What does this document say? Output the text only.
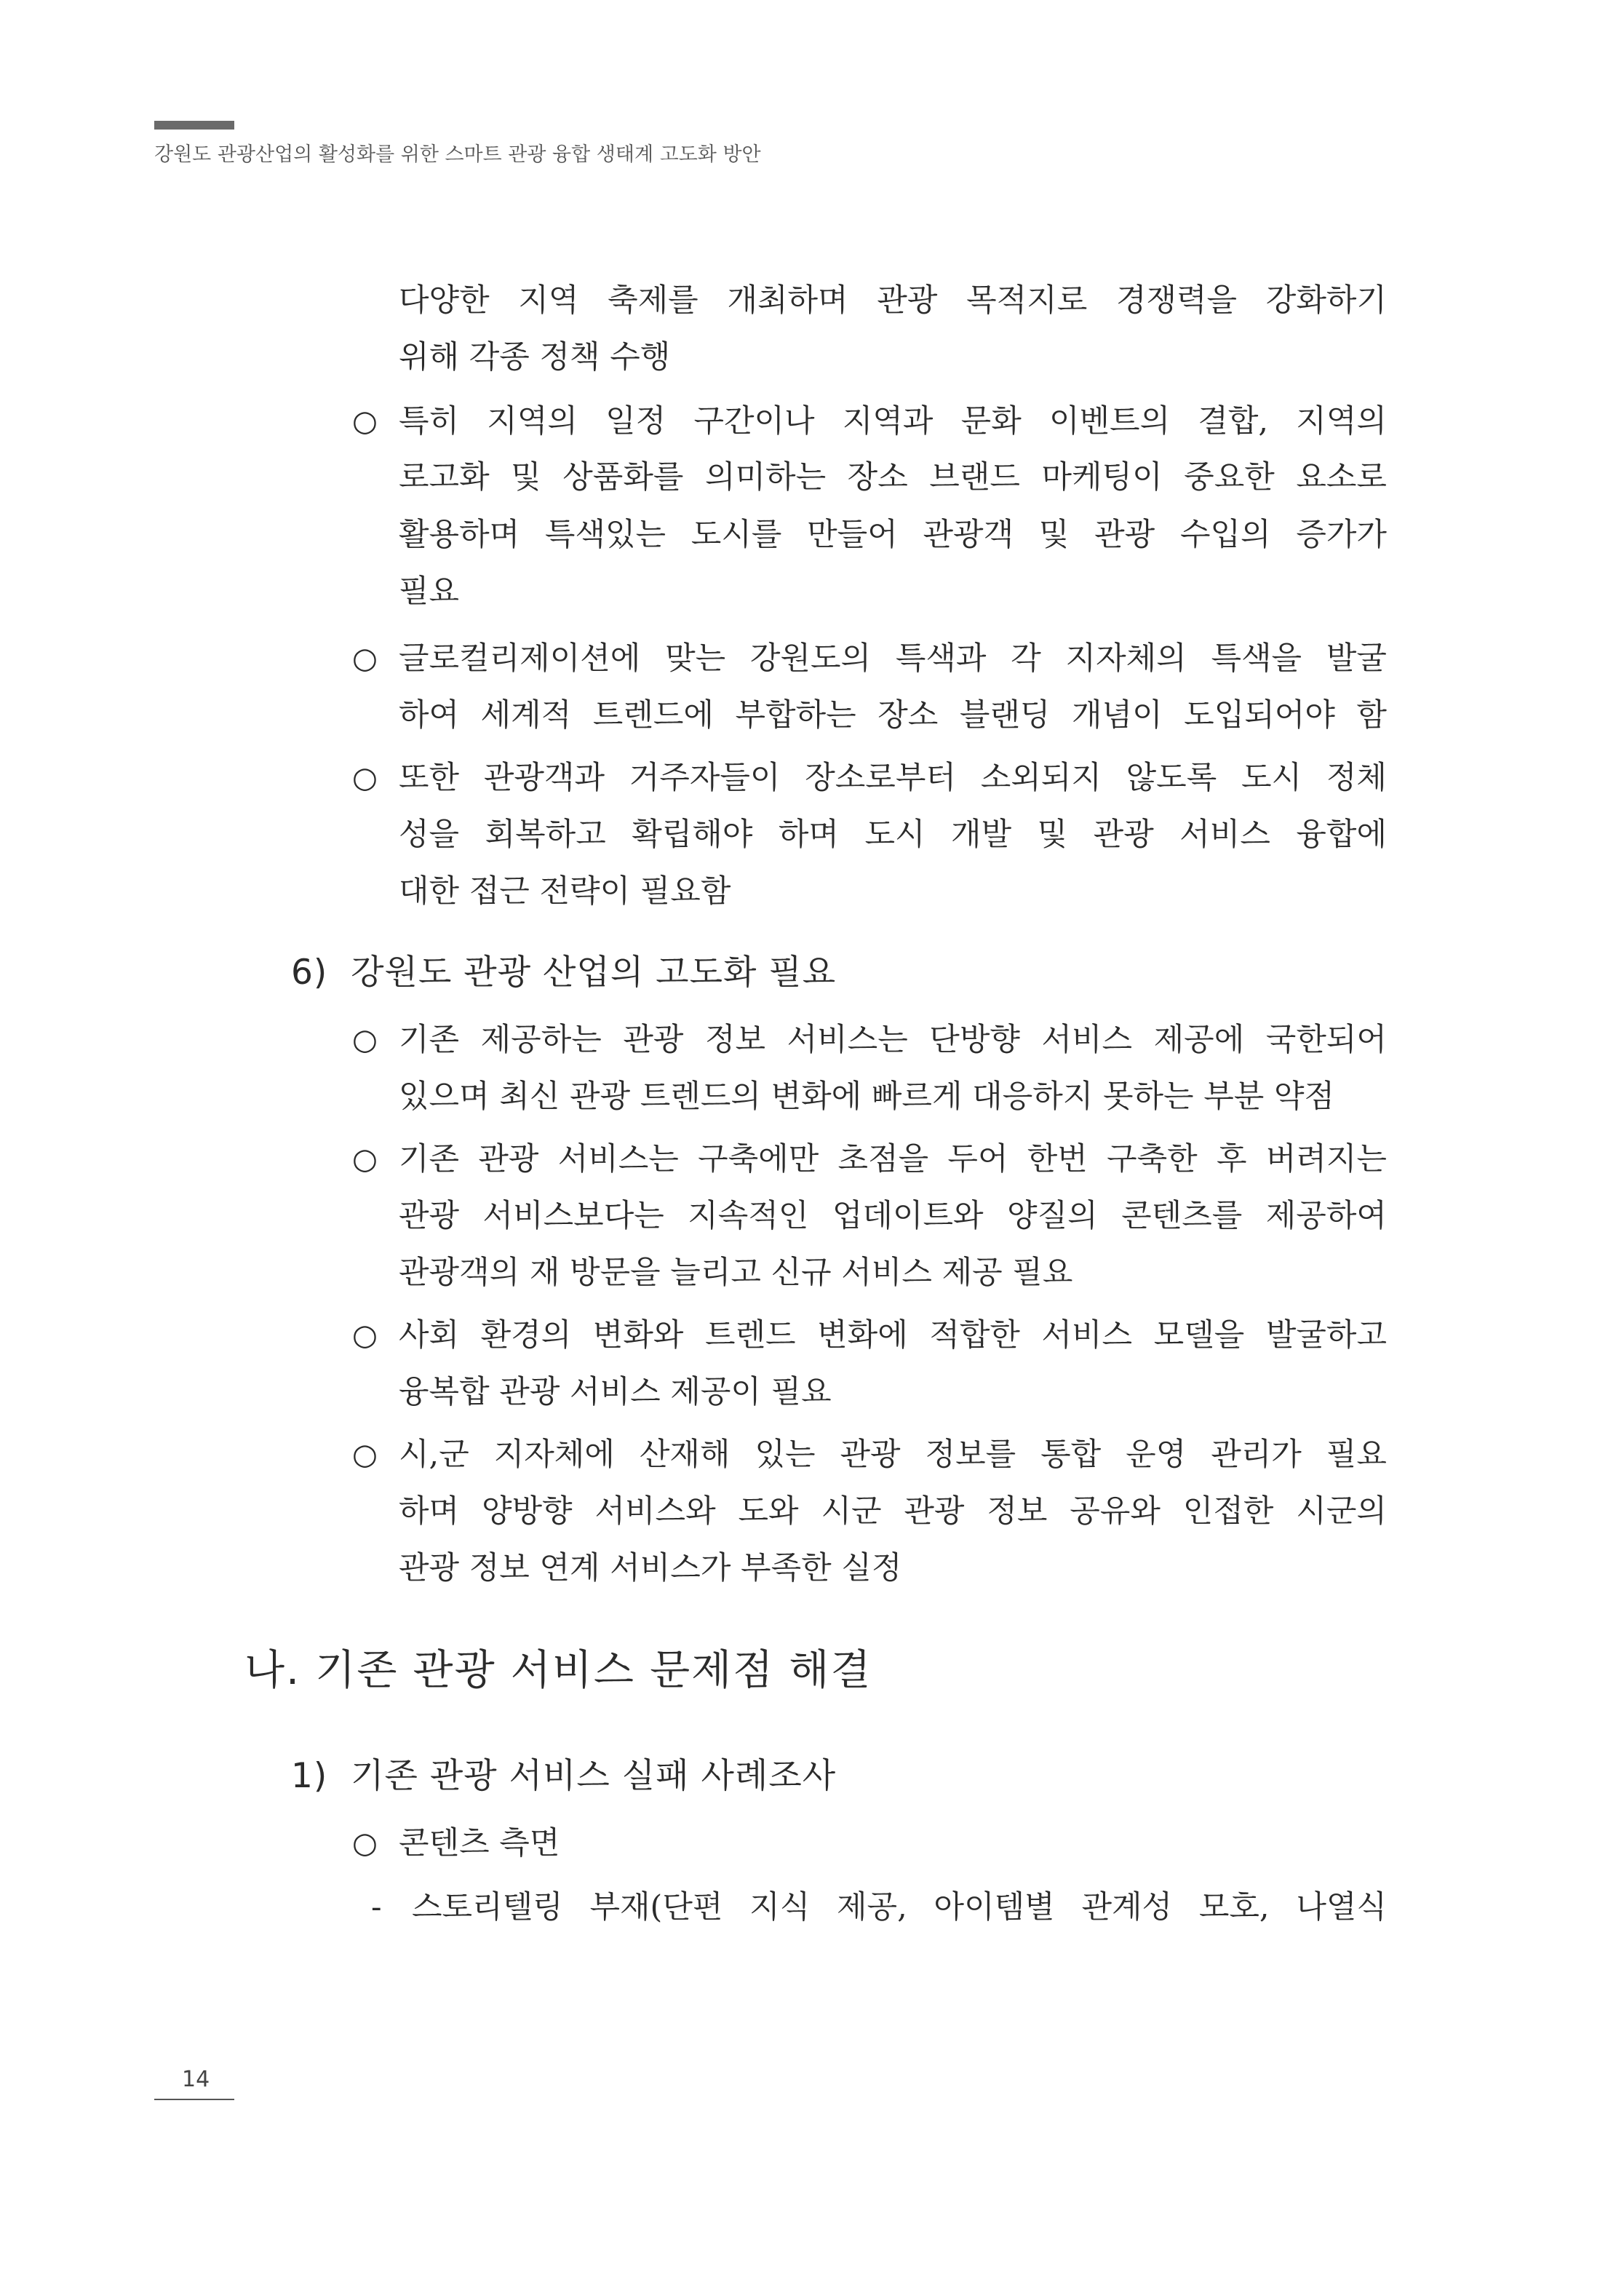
강원도 관광산업의 활성화를 위한 스마트 관광 융합 생태계 고도화 방안
다양한 지역 축제를 개최하며 관광 목적지로 경쟁력을 강화하기
위해 각종 정책 수행
○ 특히 지역의 일정 구간이나 지역과 문화 이벤트의 결합, 지역의
로고화 및 상품화를 의미하는 장소 브랜드 마케팅이 중요한 요소로
활용하며 특색있는 도시를 만들어 관광객 및 관광 수입의 증가가
필요
○ 글로컬리제이션에 맞는 강원도의 특색과 각 지자체의 특색을 발굴
하여 세계적 트렌드에 부합하는 장소 블랜딩 개념이 도입되어야 함
○ 또한 관광객과 거주자들이 장소로부터 소외되지 않도록 도시 정체
성을 회복하고 확립해야 하며 도시 개발 및 관광 서비스 융합에
대한 접근 전략이 필요함
6) 강원도 관광 산업의 고도화 필요
○ 기존 제공하는 관광 정보 서비스는 단방향 서비스 제공에 국한되어
있으며 최신 관광 트렌드의 변화에 빠르게 대응하지 못하는 부분 약점
○ 기존 관광 서비스는 구축에만 초점을 두어 한번 구축한 후 버려지는
관광 서비스보다는 지속적인 업데이트와 양질의 콘텐츠를 제공하여
관광객의 재 방문을 늘리고 신규 서비스 제공 필요
○ 사회 환경의 변화와 트렌드 변화에 적합한 서비스 모델을 발굴하고
융복합 관광 서비스 제공이 필요
○ 시,군 지자체에 산재해 있는 관광 정보를 통합 운영 관리가 필요
하며 양방향 서비스와 도와 시군 관광 정보 공유와 인접한 시군의
관광 정보 연계 서비스가 부족한 실정
나. 기존 관광 서비스 문제점 해결
1) 기존 관광 서비스 실패 사례조사
○ 콘텐츠 측면
- 스토리텔링 부재(단편 지식 제공, 아이템별 관계성 모호, 나열식
14
